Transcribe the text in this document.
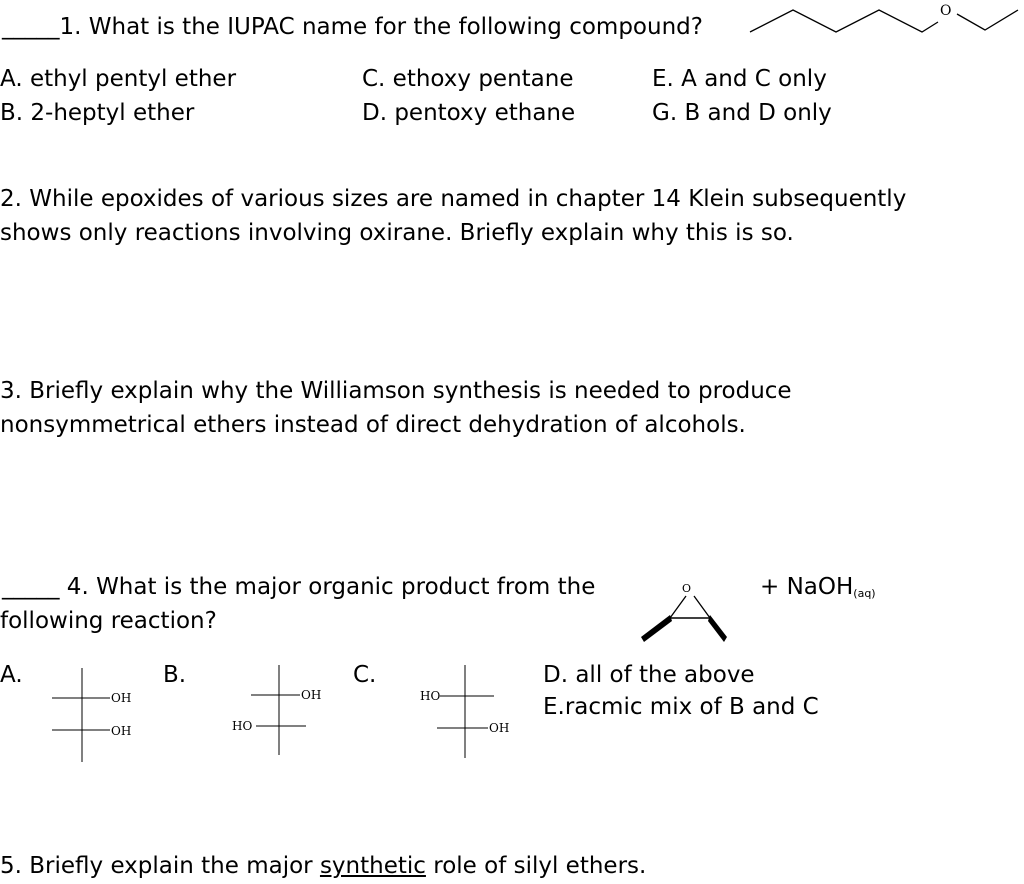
_____1. What is the IUPAC name for the following compound?
O
A. ethyl pentyl ether
B. 2-heptyl ether
C. ethoxy pentane
D. pentoxy ethane
E. A and C only
G. B and D only
2. While epoxides of various sizes are named in chapter 14 Klein subsequently
shows only reactions involving oxirane. Briefly explain why this is so.
3. Briefly explain why the Williamson synthesis is needed to produce
nonsymmetrical ethers instead of direct dehydration of alcohols.
_____ 4. What is the major organic product from the
following reaction?
O	+ NaOH$_{(aq)}$
A.	B.	C.	D. all of the above
E.racmic mix of B and C
OH
OH
OH
HO
HO
OH
5. Briefly explain the major synthetic role of silyl ethers.
